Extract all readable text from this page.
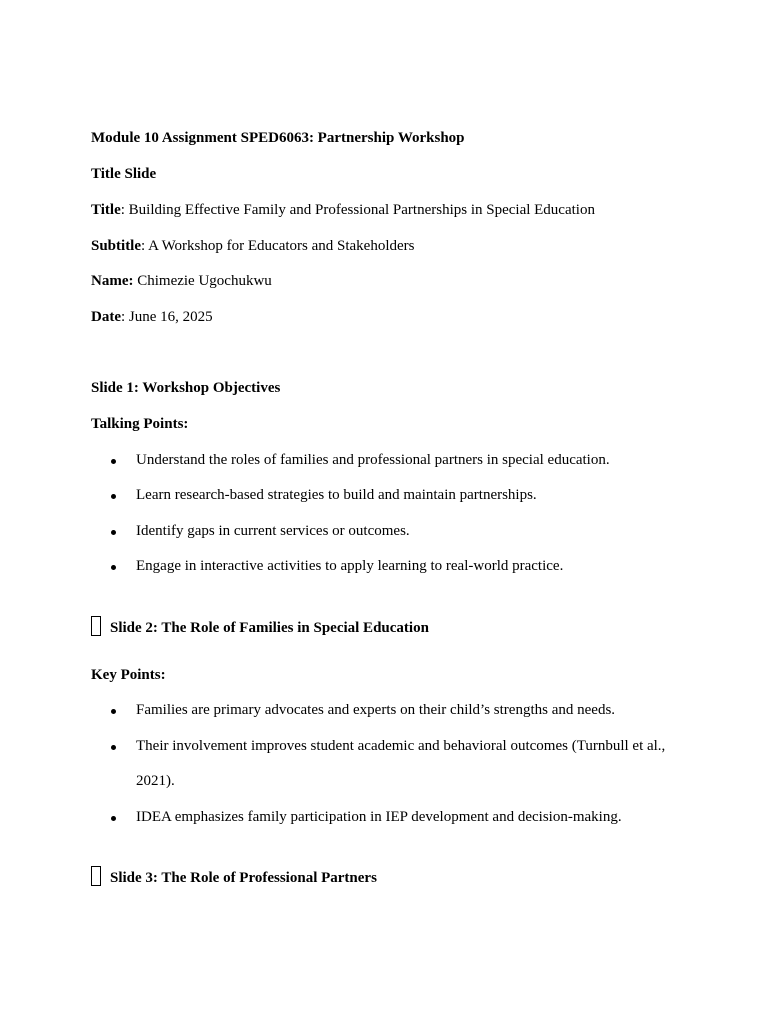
Module 10 Assignment SPED6063: Partnership Workshop
Title Slide
Title: Building Effective Family and Professional Partnerships in Special Education
Subtitle: A Workshop for Educators and Stakeholders
Name: Chimezie Ugochukwu
Date: June 16, 2025
Slide 1: Workshop Objectives
Talking Points:
Understand the roles of families and professional partners in special education.
Learn research-based strategies to build and maintain partnerships.
Identify gaps in current services or outcomes.
Engage in interactive activities to apply learning to real-world practice.
Slide 2: The Role of Families in Special Education
Key Points:
Families are primary advocates and experts on their child’s strengths and needs.
Their involvement improves student academic and behavioral outcomes (Turnbull et al.,
2021).
IDEA emphasizes family participation in IEP development and decision-making.
Slide 3: The Role of Professional Partners
